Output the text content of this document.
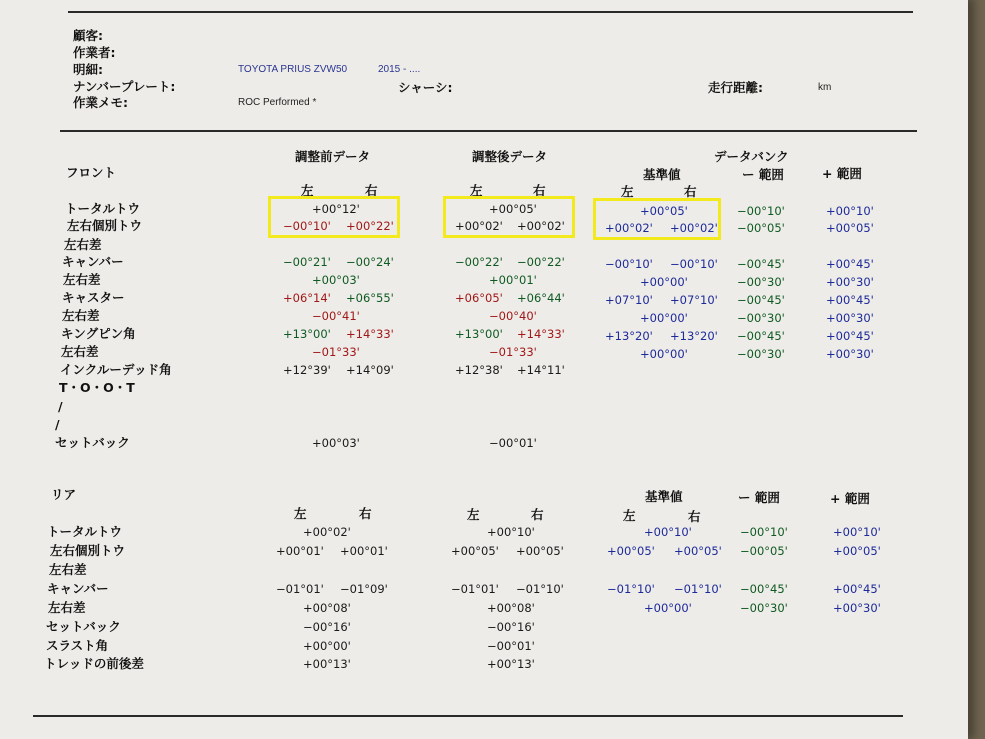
顧客:
作業者:
明細:	TOYOTA PRIUS ZVW50	2015 - ....
ナンバープレート:	シャーシ:	走行距離:	km
作業メモ:	ROC Performed *
フロント
調整前データ	調整後データ	データバンク
基準値	ー 範囲	+ 範囲
左	右	左	右	左	右
トータルトウ	+00°12'	+00°05'	+00°05'	−00°10'	+00°10'
左右個別トウ	−00°10' +00°22'	+00°02' +00°02'	+00°02' +00°02' −00°05'	+00°05'
左右差
キャンバー	−00°21' −00°24'	−00°22' −00°22'	−00°10' −00°10' −00°45'	+00°45'
左右差	+00°03'	+00°01'	+00°00'	−00°30'	+00°30'
キャスター	+06°14' +06°55'	+06°05' +06°44'	+07°10' +07°10' −00°45'	+00°45'
左右差	−00°41'	−00°40'	+00°00'	−00°30'	+00°30'
キングピン角	+13°00' +14°33'	+13°00' +14°33'	+13°20' +13°20' −00°45'	+00°45'
左右差	−01°33'	−01°33'	+00°00'	−00°30'	+00°30'
インクルーデッド角	+12°39' +14°09'	+12°38' +14°11'
T・O・O・T
/
/
セットバック	+00°03'	−00°01'
リア	基準値	ー 範囲	+ 範囲
左	右	左	右	左	右
トータルトウ	+00°02'	+00°10'	+00°10'	−00°10'	+00°10'
左右個別トウ	+00°01' +00°01'	+00°05' +00°05'	+00°05' +00°05' −00°05'	+00°05'
左右差
キャンバー	−01°01' −01°09'	−01°01' −01°10'	−01°10' −01°10' −00°45'	+00°45'
左右差	+00°08'	+00°08'	+00°00'	−00°30'	+00°30'
セットバック	−00°16'	−00°16'
スラスト角	+00°00'	−00°01'
トレッドの前後差	+00°13'	+00°13'
